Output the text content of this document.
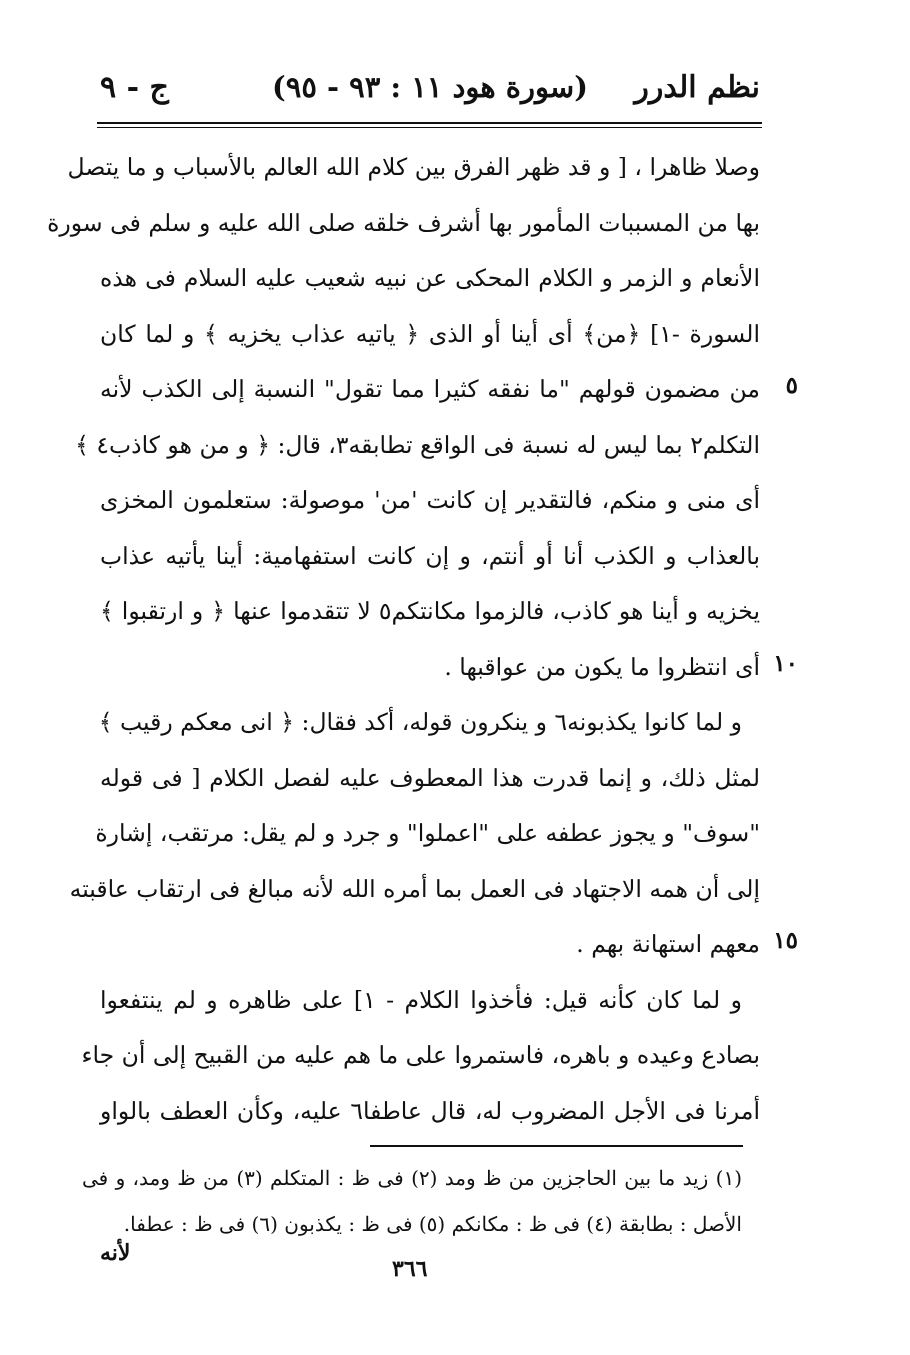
نظم الدرر
(سورة هود ١١ : ٩٣ - ٩٥)
ج - ٩
وصلا ظاهرا ، [ و قد ظهر الفرق بين كلام الله العالم بالأسباب و ما يتصل
بها من المسببات المأمور بها أشرف خلقه صلى الله عليه و سلم فى سورة
الأنعام و الزمر و الكلام المحكى عن نبيه شعيب عليه السلام فى هذه
السورة -١] ﴿من﴾ أى أينا أو الذى ﴿ ياتيه عذاب يخزيه ﴾ و لما كان
من مضمون قولهم "ما نفقه كثيرا مما تقول" النسبة إلى الكذب لأنه
التكلم٢ بما ليس له نسبة فى الواقع تطابقه٣، قال: ﴿ و من هو كاذب٤ ﴾
أى منى و منكم، فالتقدير إن كانت 'من' موصولة: ستعلمون المخزى
بالعذاب و الكذب أنا أو أنتم، و إن كانت استفهامية: أينا يأتيه عذاب
يخزيه و أينا هو كاذب، فالزموا مكانتكم٥ لا تتقدموا عنها ﴿ و ارتقبوا ﴾
أى انتظروا ما يكون من عواقبها .
و لما كانوا يكذبونه٦ و ينكرون قوله، أكد فقال: ﴿ انى معكم رقيب ﴾
لمثل ذلك، و إنما قدرت هذا المعطوف عليه لفصل الكلام [ فى قوله
"سوف" و يجوز عطفه على "اعملوا" و جرد و لم يقل: مرتقب، إشارة
إلى أن همه الاجتهاد فى العمل بما أمره الله لأنه مبالغ فى ارتقاب عاقبته
معهم استهانة بهم .
و لما كان كأنه قيل: فأخذوا الكلام - ١] على ظاهره و لم ينتفعوا
بصادع وعيده و باهره، فاستمروا على ما هم عليه من القبيح إلى أن جاء
أمرنا فى الأجل المضروب له، قال عاطفا٦ عليه، وكأن العطف بالواو
٥
١٠
١٥
(١) زيد ما بين الحاجزين من ظ ومد (٢) فى ظ : المتكلم (٣) من ظ ومد، و فى
الأصل : بطابقة (٤) فى ظ : مكانكم (٥) فى ظ : يكذبون (٦) فى ظ : عطفا.
لأنه
٣٦٦
